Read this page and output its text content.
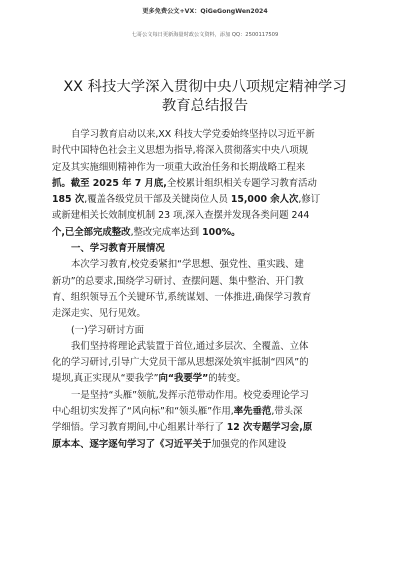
更多免费公文+VX：QiGeGongWen2024
七哥公文每日更新海量时政公文资料，添加 QQ：2500117509
XX 科技大学深入贯彻中央八项规定精神学习
教育总结报告
自学习教育启动以来,XX 科技大学党委始终坚持以习近平新
时代中国特色社会主义思想为指导,将深入贯彻落实中央八项规
定及其实施细则精神作为一项重大政治任务和长期战略工程来
抓。截至 2025 年 7 月底,全校累计组织相关专题学习教育活动
185 次,覆盖各级党员干部及关键岗位人员 15,000 余人次,修订
或新建相关长效制度机制 23 项,深入查摆并发现各类问题 244
个,已全部完成整改,整改完成率达到 100%。
一、学习教育开展情况
本次学习教育,校党委紧扣“学思想、强党性、重实践、建
新功”的总要求,围绕学习研讨、查摆问题、集中整治、开门教
育、组织领导五个关键环节,系统谋划、一体推进,确保学习教育
走深走实、见行见效。
(一)学习研讨方面
我们坚持将理论武装置于首位,通过多层次、全覆盖、立体
化的学习研讨,引导广大党员干部从思想深处筑牢抵制“四风”的
堤坝,真正实现从“要我学”向“我要学”的转变。
一是坚持“头雁”领航,发挥示范带动作用。校党委理论学习
中心组切实发挥了“风向标”和“领头雁”作用,率先垂范,带头深
学细悟。学习教育期间,中心组累计举行了 12 次专题学习会,原
原本本、逐字逐句学习了《习近平关于加强党的作风建设
